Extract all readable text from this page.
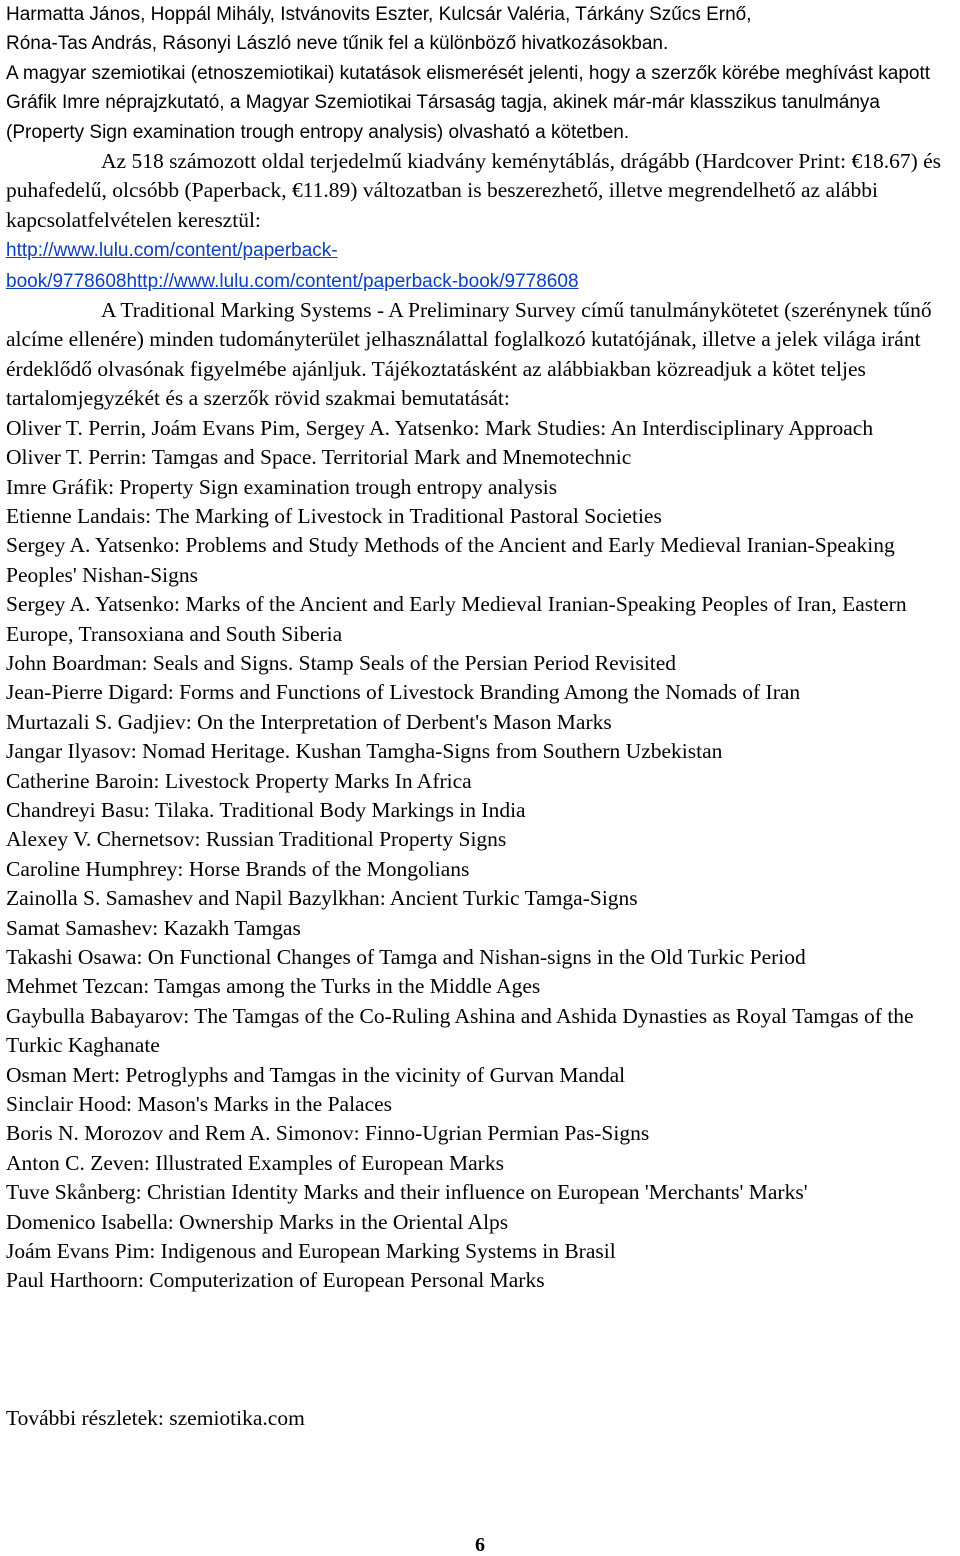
Harmatta János, Hoppál Mihály, Istvánovits Eszter, Kulcsár Valéria, Tárkány Szűcs Ernő,

Róna-Tas András, Rásonyi László neve tűnik fel a különböző hivatkozásokban.

A magyar szemiotikai (etnoszemiotikai) kutatások elismerését jelenti, hogy a szerzők körébe meghívást kapott Gráfik Imre néprajzkutató, a Magyar Szemiotikai Társaság tagja, akinek már-már klasszikus tanulmánya (Property Sign examination trough entropy analysis) olvasható a kötetben.

Az 518 számozott oldal terjedelmű kiadvány keménytáblás, drágább (Hardcover Print: €18.67) és puhafedelű, olcsóbb (Paperback, €11.89) változatban is beszerezhető, illetve megrendelhető az alábbi kapcsolatfelvételen keresztül:

http://www.lulu.com/content/paperback-

book/9778608http://www.lulu.com/content/paperback-book/9778608

A Traditional Marking Systems - A Preliminary Survey című tanulmánykötetet (szerénynek tűnő alcíme ellenére) minden tudományterület jelhasználattal foglalkozó kutatójának, illetve a jelek világa iránt érdeklődő olvasónak figyelmébe ajánljuk. Tájékoztatásként az alábbiakban közreadjuk a kötet teljes tartalomjegyzékét és a szerzők rövid szakmai bemutatását:

Oliver T. Perrin, Joám Evans Pim, Sergey A. Yatsenko: Mark Studies: An Interdisciplinary Approach

Oliver T. Perrin: Tamgas and Space. Territorial Mark and Mnemotechnic

Imre Gráfik: Property Sign examination trough entropy analysis

Etienne Landais: The Marking of Livestock in Traditional Pastoral Societies

Sergey A. Yatsenko: Problems and Study Methods of the Ancient and Early Medieval Iranian-Speaking Peoples' Nishan-Signs

Sergey A. Yatsenko: Marks of the Ancient and Early Medieval Iranian-Speaking Peoples of Iran, Eastern Europe, Transoxiana and South Siberia

John Boardman: Seals and Signs. Stamp Seals of the Persian Period Revisited

Jean-Pierre Digard: Forms and Functions of Livestock Branding Among the Nomads of Iran

Murtazali S. Gadjiev: On the Interpretation of Derbent's Mason Marks

Jangar Ilyasov: Nomad Heritage. Kushan Tamgha-Signs from Southern Uzbekistan

Catherine Baroin: Livestock Property Marks In Africa

Chandreyi Basu: Tilaka. Traditional Body Markings in India

Alexey V. Chernetsov: Russian Traditional Property Signs

Caroline Humphrey: Horse Brands of the Mongolians

Zainolla S. Samashev and Napil Bazylkhan: Ancient Turkic Tamga-Signs

Samat Samashev: Kazakh Tamgas

Takashi Osawa: On Functional Changes of Tamga and Nishan-signs in the Old Turkic Period

Mehmet Tezcan: Tamgas among the Turks in the Middle Ages

Gaybulla Babayarov: The Tamgas of the Co-Ruling Ashina and Ashida Dynasties as Royal Tamgas of the Turkic Kaghanate

Osman Mert: Petroglyphs and Tamgas in the vicinity of Gurvan Mandal

Sinclair Hood: Mason's Marks in the Palaces

Boris N. Morozov and Rem A. Simonov: Finno-Ugrian Permian Pas-Signs

Anton C. Zeven: Illustrated Examples of European Marks

Tuve Skånberg: Christian Identity Marks and their influence on European 'Merchants' Marks'

Domenico Isabella: Ownership Marks in the Oriental Alps

Joám Evans Pim: Indigenous and European Marking Systems in Brasil

Paul Harthoorn: Computerization of European Personal Marks

További részletek: szemiotika.com

6
